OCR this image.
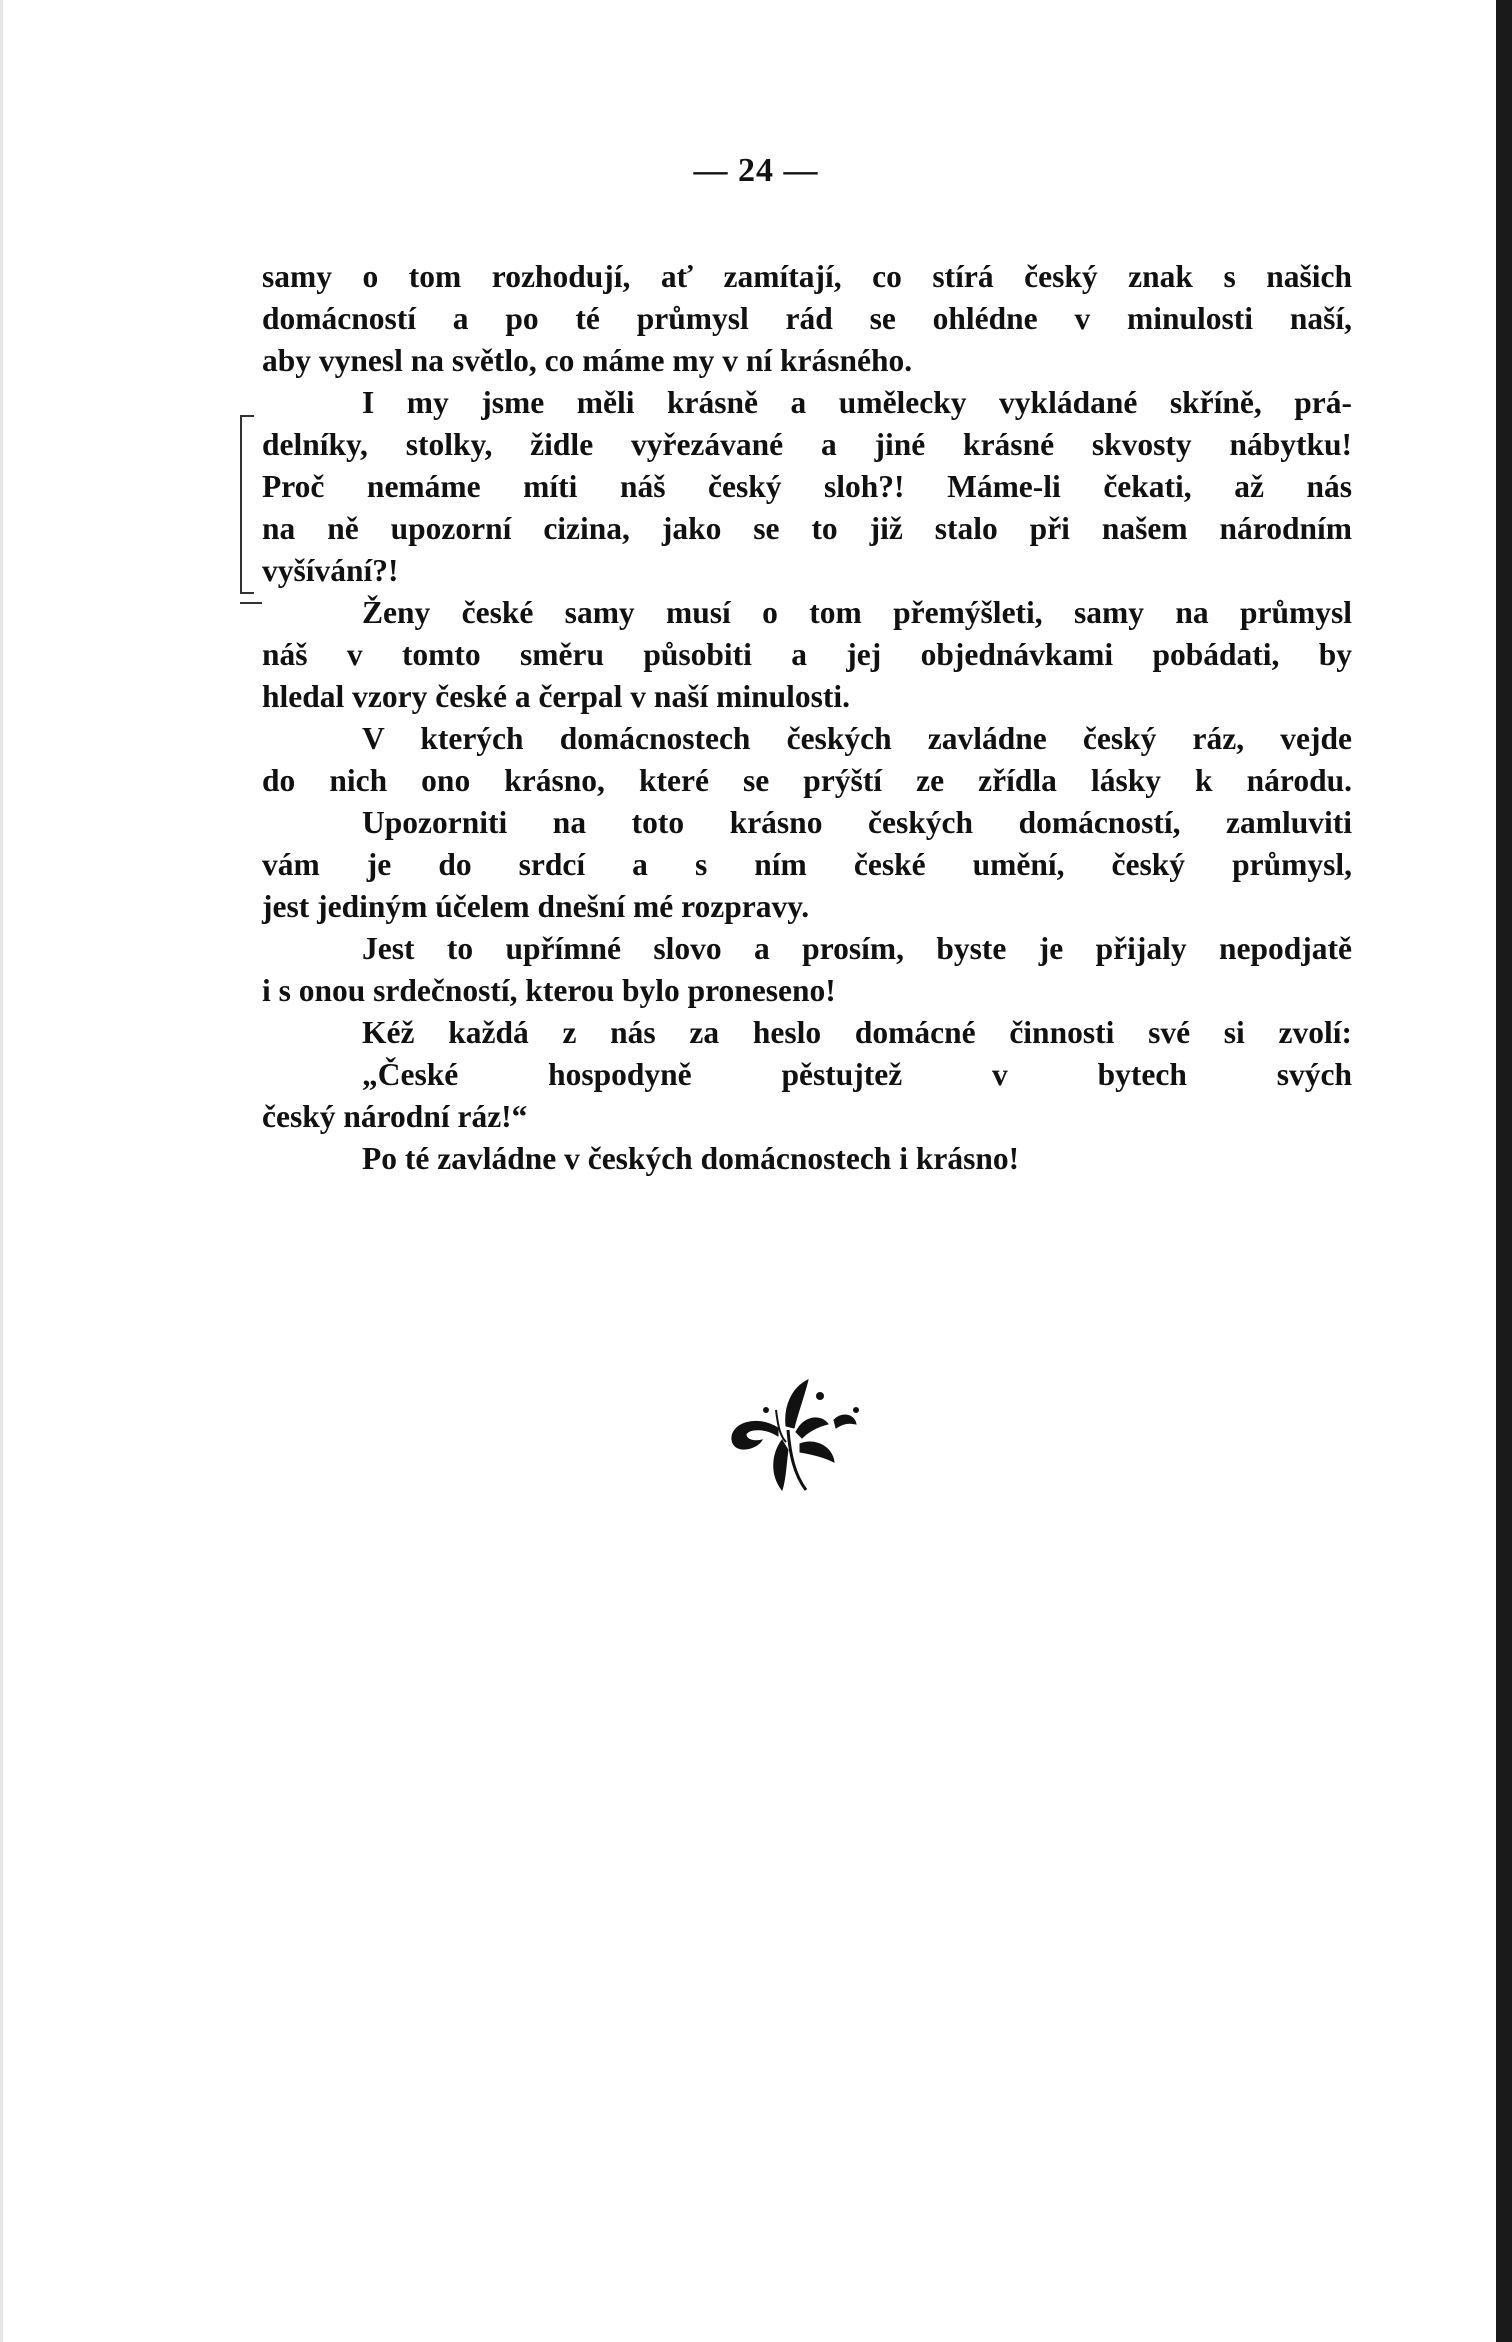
— 24 —

samy o tom rozhodují, ať zamítají, co stírá český znak s našich
domácností a po té průmysl rád se ohlédne v minulosti naší,
aby vynesl na světlo, co máme my v ní krásného.
I my jsme měli krásně a umělecky vykládané skříně, prá-
delníky, stolky, židle vyřezávané a jiné krásné skvosty nábytku!
Proč nemáme míti náš český sloh?! Máme-li čekati, až nás
na ně upozorní cizina, jako se to již stalo při našem národním
vyšívání?!
Ženy české samy musí o tom přemýšleti, samy na průmysl
náš v tomto směru působiti a jej objednávkami pobádati, by
hledal vzory české a čerpal v naší minulosti.
V kterých domácnostech českých zavládne český ráz, vejde
do nich ono krásno, které se prýští ze zřídla lásky k národu.
Upozorniti na toto krásno českých domácností, zamluviti
vám je do srdcí a s ním české umění, český průmysl,
jest jediným účelem dnešní mé rozpravy.
Jest to upřímné slovo a prosím, byste je přijaly nepodjatě
i s onou srdečností, kterou bylo proneseno!
Kéž každá z nás za heslo domácné činnosti své si zvolí:
„České hospodyně pěstujtež v bytech svých
český národní ráz!“
Po té zavládne v českých domácnostech i krásno!
